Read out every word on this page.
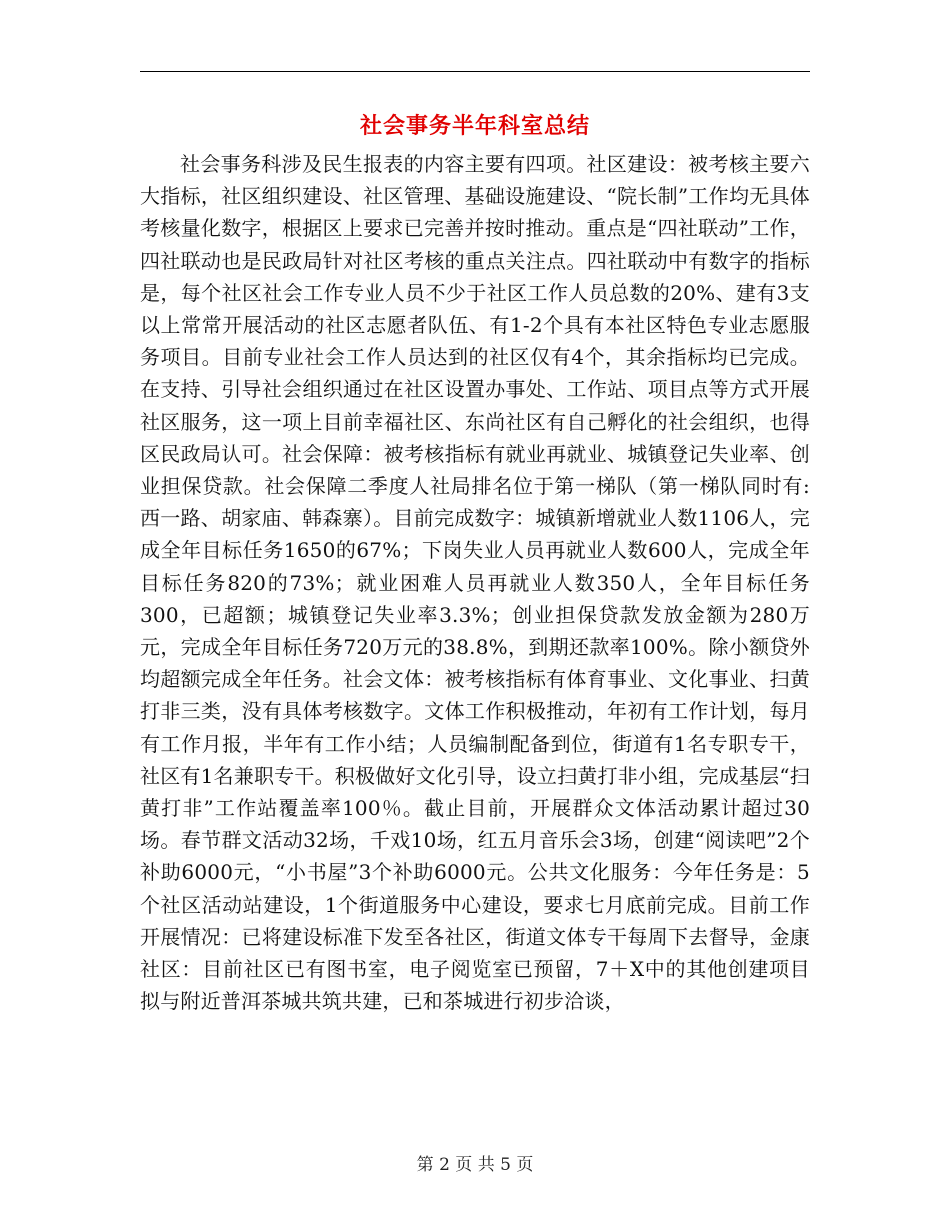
社会事务半年科室总结

社会事务科涉及民生报表的内容主要有四项。社区建设：被考核主要六大指标，社区组织建设、社区管理、基础设施建设、“院长制”工作均无具体考核量化数字，根据区上要求已完善并按时推动。重点是“四社联动”工作，四社联动也是民政局针对社区考核的重点关注点。四社联动中有数字的指标是，每个社区社会工作专业人员不少于社区工作人员总数的20%、建有3支以上常常开展活动的社区志愿者队伍、有1-2个具有本社区特色专业志愿服务项目。目前专业社会工作人员达到的社区仅有4个，其余指标均已完成。在支持、引导社会组织通过在社区设置办事处、工作站、项目点等方式开展社区服务，这一项上目前幸福社区、东尚社区有自己孵化的社会组织，也得区民政局认可。社会保障：被考核指标有就业再就业、城镇登记失业率、创业担保贷款。社会保障二季度人社局排名位于第一梯队（第一梯队同时有:西一路、胡家庙、韩森寨）。目前完成数字：城镇新增就业人数1106人，完成全年目标任务1650的67%；下岗失业人员再就业人数600人，完成全年目标任务820的73%；就业困难人员再就业人数350人，全年目标任务300，已超额；城镇登记失业率3.3%；创业担保贷款发放金额为280万元，完成全年目标任务720万元的38.8%，到期还款率100%。除小额贷外均超额完成全年任务。社会文体：被考核指标有体育事业、文化事业、扫黄打非三类，没有具体考核数字。文体工作积极推动，年初有工作计划，每月有工作月报，半年有工作小结；人员编制配备到位，街道有1名专职专干，社区有1名兼职专干。积极做好文化引导，设立扫黄打非小组，完成基层“扫黄打非”工作站覆盖率100％。截止目前，开展群众文体活动累计超过30场。春节群文活动32场，千戏10场，红五月音乐会3场，创建“阅读吧”2个补助6000元，“小书屋”3个补助6000元。公共文化服务：今年任务是：5个社区活动站建设，1个街道服务中心建设，要求七月底前完成。目前工作开展情况：已将建设标准下发至各社区，街道文体专干每周下去督导，金康社区：目前社区已有图书室，电子阅览室已预留，7＋X中的其他创建项目拟与附近普洱茶城共筑共建，已和茶城进行初步洽谈，

第 2 页 共 5 页
